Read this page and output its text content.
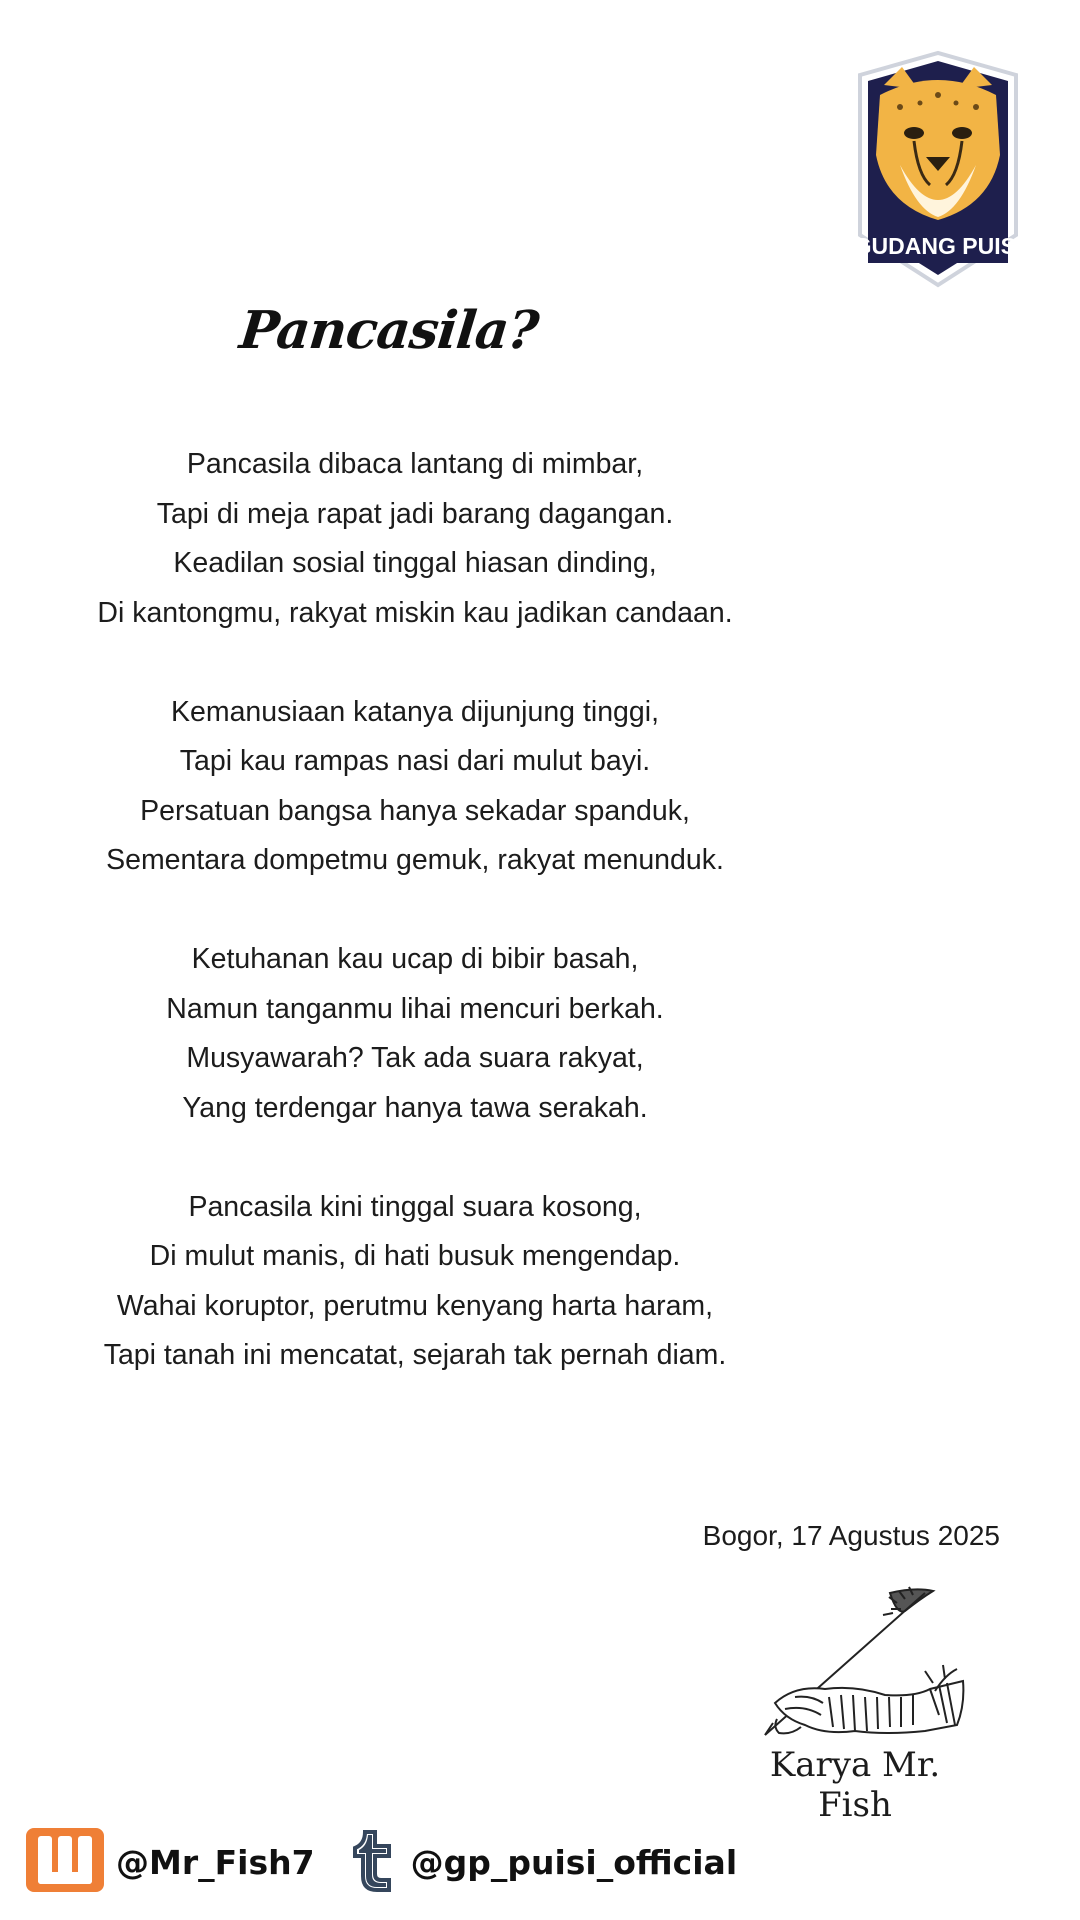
GUDANG PUISI
Pancasila?
Pancasila dibaca lantang di mimbar,
Tapi di meja rapat jadi barang dagangan.
Keadilan sosial tinggal hiasan dinding,
Di kantongmu, rakyat miskin kau jadikan candaan.
Kemanusiaan katanya dijunjung tinggi,
Tapi kau rampas nasi dari mulut bayi.
Persatuan bangsa hanya sekadar spanduk,
Sementara dompetmu gemuk, rakyat menunduk.
Ketuhanan kau ucap di bibir basah,
Namun tanganmu lihai mencuri berkah.
Musyawarah? Tak ada suara rakyat,
Yang terdengar hanya tawa serakah.
Pancasila kini tinggal suara kosong,
Di mulut manis, di hati busuk mengendap.
Wahai koruptor, perutmu kenyang harta haram,
Tapi tanah ini mencatat, sejarah tak pernah diam.
Bogor, 17 Agustus 2025
Karya Mr. Fish
@Mr_Fish7	@gp_puisi_official
